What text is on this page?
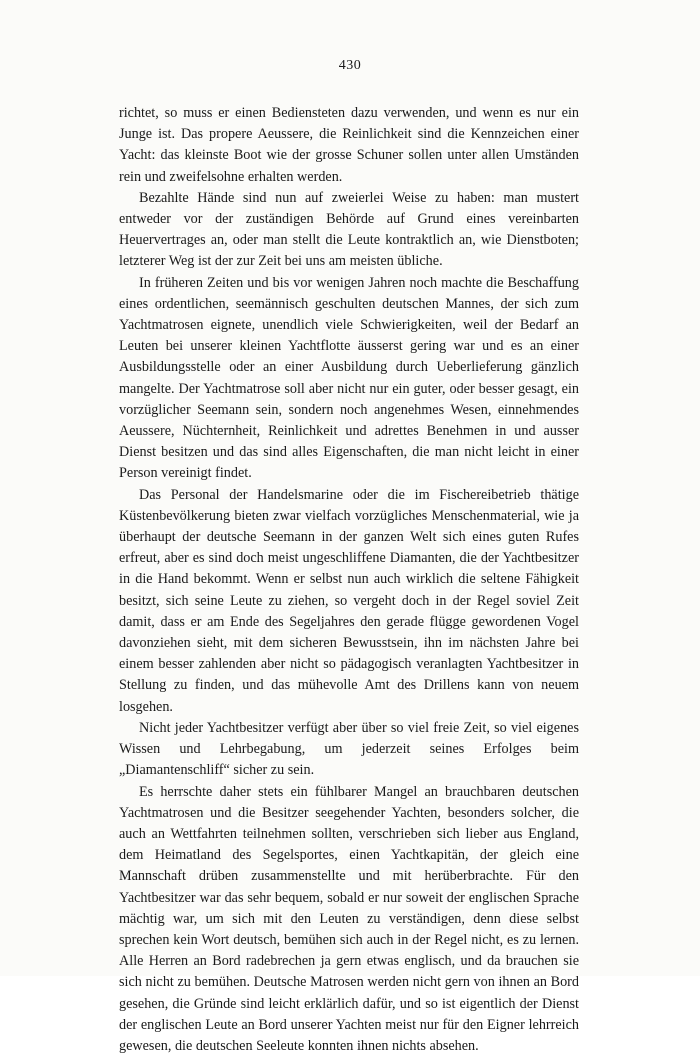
430

richtet, so muss er einen Bediensteten dazu verwenden, und wenn es nur ein Junge ist. Das propere Aeussere, die Reinlichkeit sind die Kennzeichen einer Yacht: das kleinste Boot wie der grosse Schuner sollen unter allen Umständen rein und zweifelsohne erhalten werden.

Bezahlte Hände sind nun auf zweierlei Weise zu haben: man mustert entweder vor der zuständigen Behörde auf Grund eines vereinbarten Heuervertrages an, oder man stellt die Leute kontraktlich an, wie Dienstboten; letzterer Weg ist der zur Zeit bei uns am meisten übliche.

In früheren Zeiten und bis vor wenigen Jahren noch machte die Beschaffung eines ordentlichen, seemännisch geschulten deutschen Mannes, der sich zum Yachtmatrosen eignete, unendlich viele Schwierigkeiten, weil der Bedarf an Leuten bei unserer kleinen Yachtflotte äusserst gering war und es an einer Ausbildungsstelle oder an einer Ausbildung durch Ueberlieferung gänzlich mangelte. Der Yachtmatrose soll aber nicht nur ein guter, oder besser gesagt, ein vorzüglicher Seemann sein, sondern noch angenehmes Wesen, einnehmendes Aeussere, Nüchternheit, Reinlichkeit und adrettes Benehmen in und ausser Dienst besitzen und das sind alles Eigenschaften, die man nicht leicht in einer Person vereinigt findet.

Das Personal der Handelsmarine oder die im Fischereibetrieb thätige Küstenbevölkerung bieten zwar vielfach vorzügliches Menschenmaterial, wie ja überhaupt der deutsche Seemann in der ganzen Welt sich eines guten Rufes erfreut, aber es sind doch meist ungeschliffene Diamanten, die der Yachtbesitzer in die Hand bekommt. Wenn er selbst nun auch wirklich die seltene Fähigkeit besitzt, sich seine Leute zu ziehen, so vergeht doch in der Regel soviel Zeit damit, dass er am Ende des Segeljahres den gerade flügge gewordenen Vogel davonziehen sieht, mit dem sicheren Bewusstsein, ihn im nächsten Jahre bei einem besser zahlenden aber nicht so pädagogisch veranlagten Yachtbesitzer in Stellung zu finden, und das mühevolle Amt des Drillens kann von neuem losgehen.

Nicht jeder Yachtbesitzer verfügt aber über so viel freie Zeit, so viel eigenes Wissen und Lehrbegabung, um jederzeit seines Erfolges beim „Diamantenschliff“ sicher zu sein.

Es herrschte daher stets ein fühlbarer Mangel an brauchbaren deutschen Yachtmatrosen und die Besitzer seegehender Yachten, besonders solcher, die auch an Wettfahrten teilnehmen sollten, verschrieben sich lieber aus England, dem Heimatland des Segelsportes, einen Yachtkapitän, der gleich eine Mannschaft drüben zusammenstellte und mit herüberbrachte. Für den Yachtbesitzer war das sehr bequem, sobald er nur soweit der englischen Sprache mächtig war, um sich mit den Leuten zu verständigen, denn diese selbst sprechen kein Wort deutsch, bemühen sich auch in der Regel nicht, es zu lernen. Alle Herren an Bord radebrechen ja gern etwas englisch, und da brauchen sie sich nicht zu bemühen. Deutsche Matrosen werden nicht gern von ihnen an Bord gesehen, die Gründe sind leicht erklärlich dafür, und so ist eigentlich der Dienst der englischen Leute an Bord unserer Yachten meist nur für den Eigner lehrreich gewesen, die deutschen Seeleute konnten ihnen nichts absehen.
